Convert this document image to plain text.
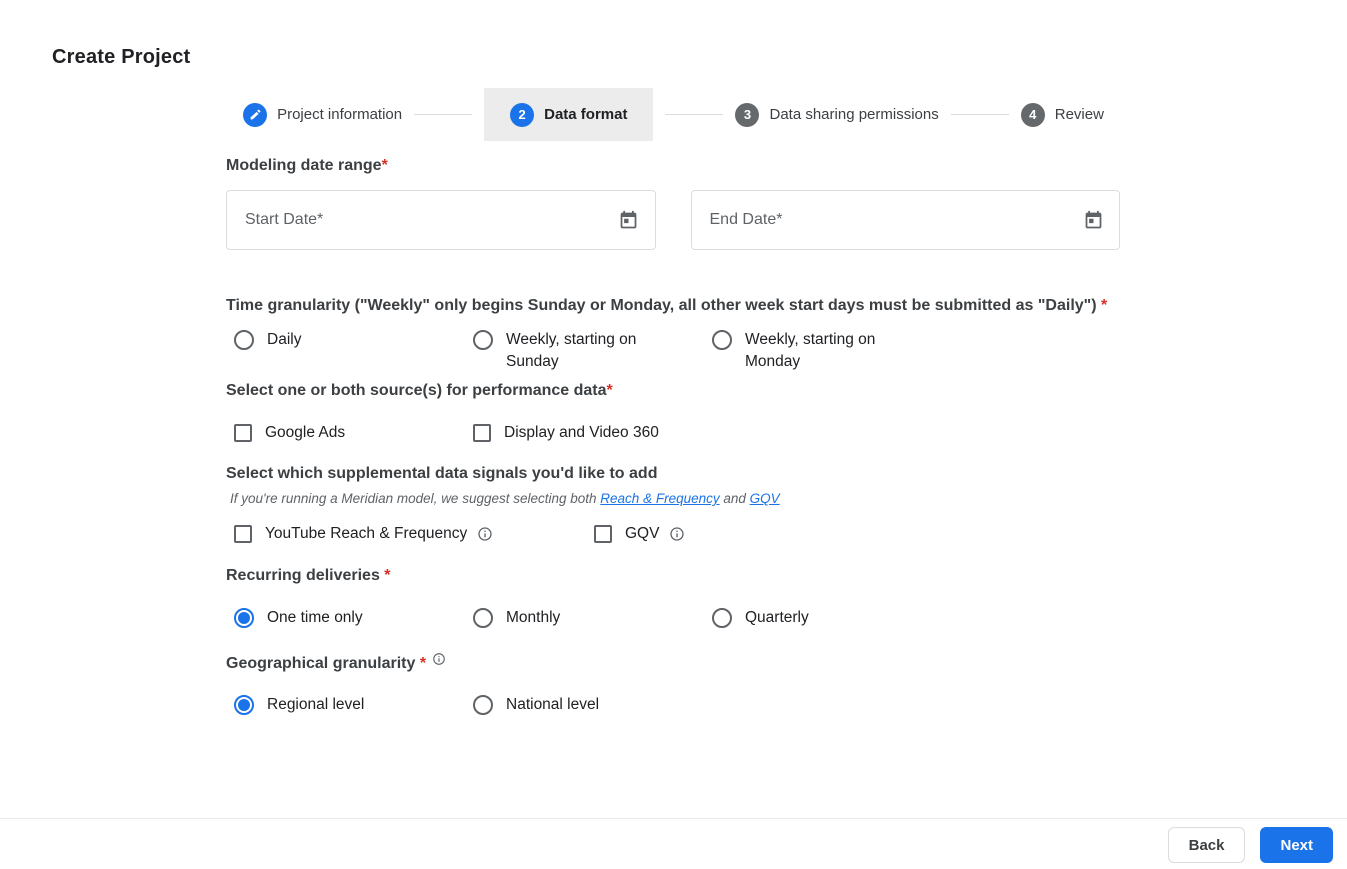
Create Project
Project information	2	Data format	3	Data sharing permissions	4	Review
Modeling date range*
Start Date*
End Date*
Time granularity ("Weekly" only begins Sunday or Monday, all other week start days must be submitted as "Daily") *
Daily	Weekly, starting on Sunday
Weekly, starting on Monday
Select one or both source(s) for performance data*
Google Ads	Display and Video 360
Select which supplemental data signals you'd like to add
If you're running a Meridian model, we suggest selecting both Reach & Frequency and GQV
YouTube Reach & Frequency	GQV
Recurring deliveries *
One time only	Monthly	Quarterly
Geographical granularity *
Regional level	National level
Back	Next
